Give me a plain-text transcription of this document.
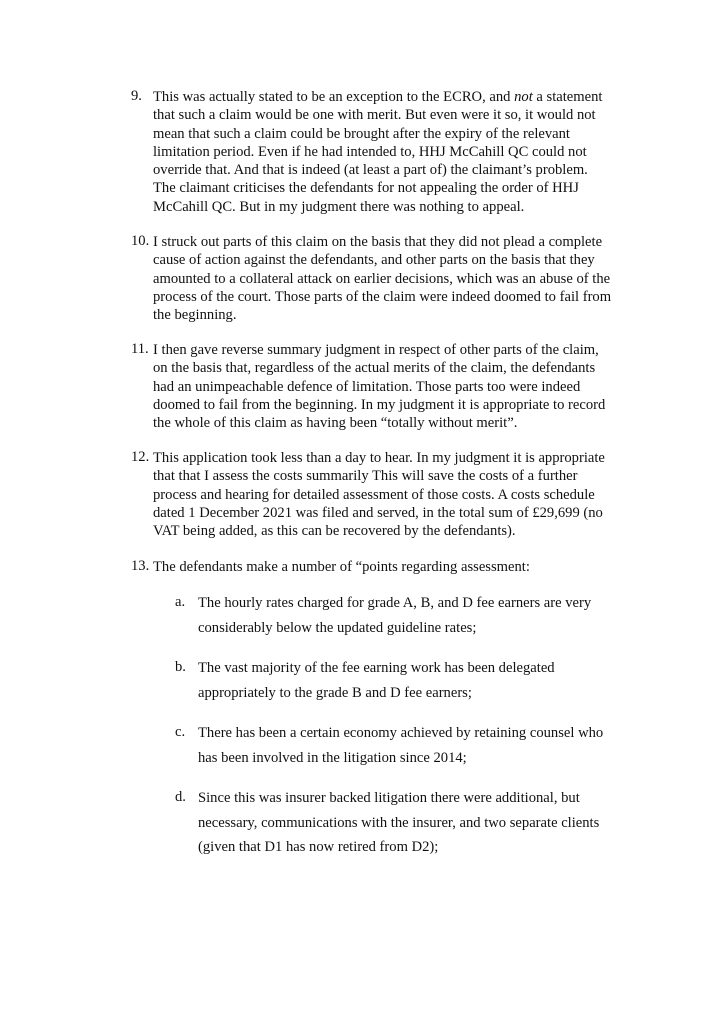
9. This was actually stated to be an exception to the ECRO, and not a statement
that such a claim would be one with merit. But even were it so, it would not
mean that such a claim could be brought after the expiry of the relevant
limitation period. Even if he had intended to, HHJ McCahill QC could not
override that. And that is indeed (at least a part of) the claimant’s problem.
The claimant criticises the defendants for not appealing the order of HHJ
McCahill QC. But in my judgment there was nothing to appeal.
10. I struck out parts of this claim on the basis that they did not plead a complete
cause of action against the defendants, and other parts on the basis that they
amounted to a collateral attack on earlier decisions, which was an abuse of the
process of the court. Those parts of the claim were indeed doomed to fail from
the beginning.
11. I then gave reverse summary judgment in respect of other parts of the claim,
on the basis that, regardless of the actual merits of the claim, the defendants
had an unimpeachable defence of limitation. Those parts too were indeed
doomed to fail from the beginning. In my judgment it is appropriate to record
the whole of this claim as having been “totally without merit”.
12. This application took less than a day to hear. In my judgment it is appropriate
that that I assess the costs summarily This will save the costs of a further
process and hearing for detailed assessment of those costs. A costs schedule
dated 1 December 2021 was filed and served, in the total sum of £29,699 (no
VAT being added, as this can be recovered by the defendants).
13. The defendants make a number of “points regarding assessment:
a. The hourly rates charged for grade A, B, and D fee earners are very
considerably below the updated guideline rates;
b. The vast majority of the fee earning work has been delegated
appropriately to the grade B and D fee earners;
c. There has been a certain economy achieved by retaining counsel who
has been involved in the litigation since 2014;
d. Since this was insurer backed litigation there were additional, but
necessary, communications with the insurer, and two separate clients
(given that D1 has now retired from D2);
